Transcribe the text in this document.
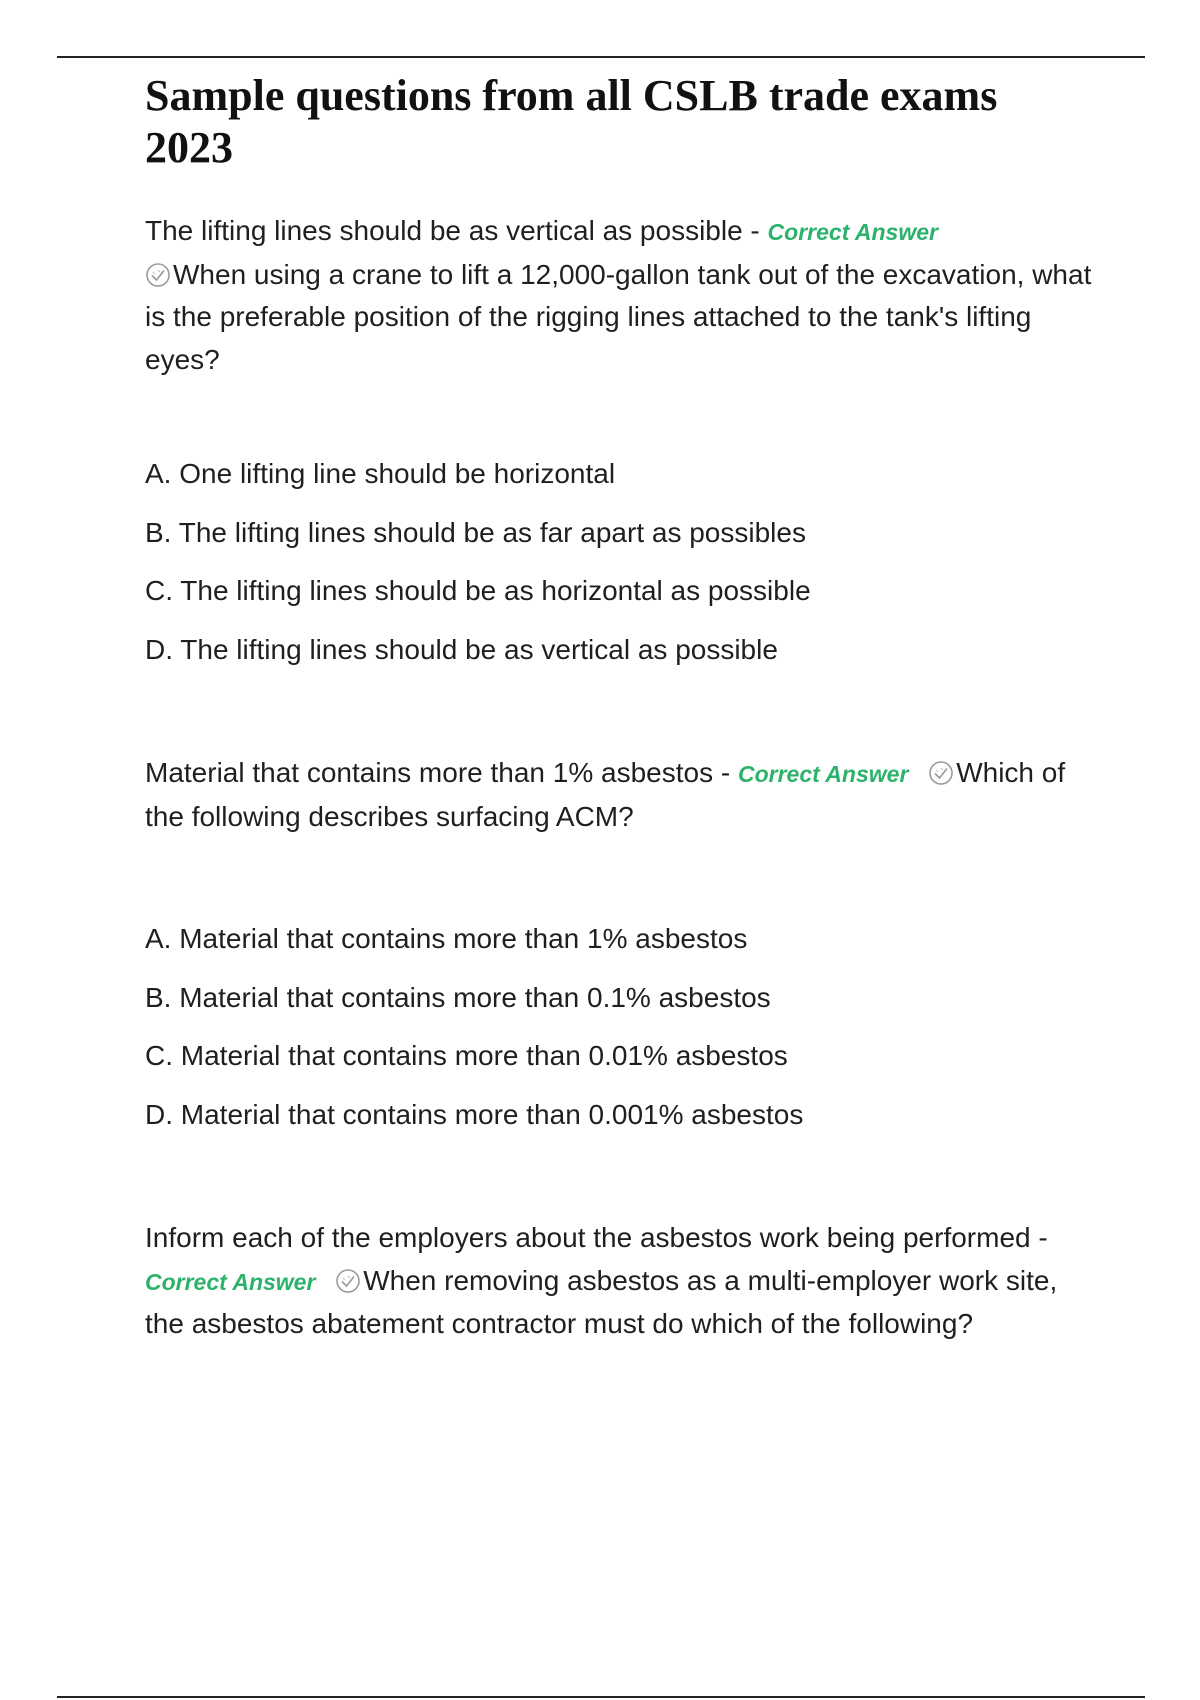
Sample questions from all CSLB trade exams 2023

The lifting lines should be as vertical as possible - Correct Answer

When using a crane to lift a 12,000-gallon tank out of the excavation, what is the preferable position of the rigging lines attached to the tank's lifting eyes?

A. One lifting line should be horizontal
B. The lifting lines should be as far apart as possibles
C. The lifting lines should be as horizontal as possible
D. The lifting lines should be as vertical as possible

Material that contains more than 1% asbestos - Correct Answer Which of the following describes surfacing ACM?

A. Material that contains more than 1% asbestos
B. Material that contains more than 0.1% asbestos
C. Material that contains more than 0.01% asbestos
D. Material that contains more than 0.001% asbestos

Inform each of the employers about the asbestos work being performed - Correct Answer When removing asbestos as a multi-employer work site, the asbestos abatement contractor must do which of the following?
